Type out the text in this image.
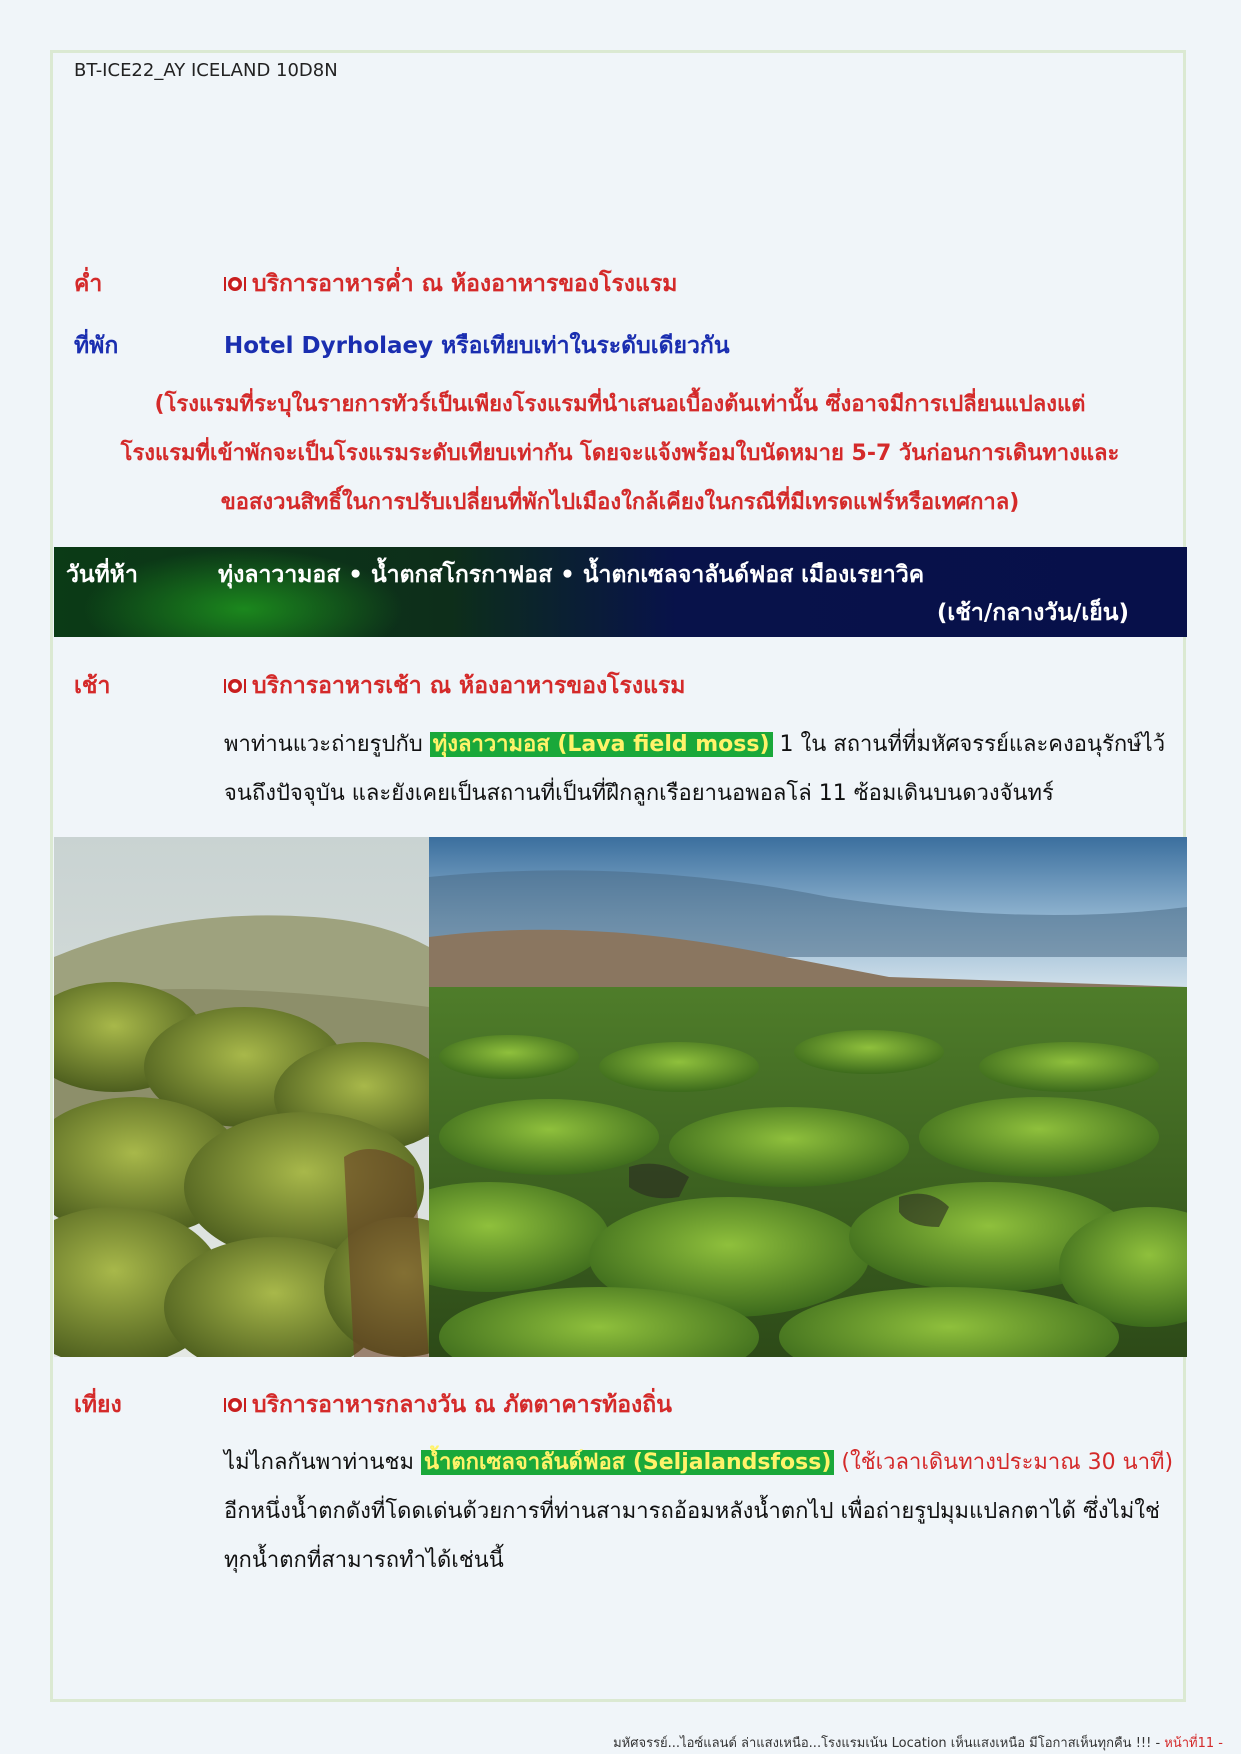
BT-ICE22_AY ICELAND 10D8N
ค่ำ	บริการอาหารค่ำ ณ ห้องอาหารของโรงแรม
ที่พัก	Hotel Dyrholaey หรือเทียบเท่าในระดับเดียวกัน
(โรงแรมที่ระบุในรายการทัวร์เป็นเพียงโรงแรมที่นำเสนอเบื้องต้นเท่านั้น ซึ่งอาจมีการเปลี่ยนแปลงแต่
โรงแรมที่เข้าพักจะเป็นโรงแรมระดับเทียบเท่ากัน โดยจะแจ้งพร้อมใบนัดหมาย 5-7 วันก่อนการเดินทางและ
ขอสงวนสิทธิ์ในการปรับเปลี่ยนที่พักไปเมืองใกล้เคียงในกรณีที่มีเทรดแฟร์หรือเทศกาล)
วันที่ห้า	ทุ่งลาวามอส • น้ำตกสโกรกาฟอส • น้ำตกเซลจาลันด์ฟอส เมืองเรยาวิค
(เช้า/กลางวัน/เย็น)
เช้า	บริการอาหารเช้า ณ ห้องอาหารของโรงแรม
พาท่านแวะถ่ายรูปกับ ทุ่งลาวามอส (Lava field moss) 1 ใน สถานที่ที่มหัศจรรย์และคงอนุรักษ์ไว้จนถึงปัจจุบัน และยังเคยเป็นสถานที่เป็นที่ฝึกลูกเรือยานอพอลโล่ 11 ซ้อมเดินบนดวงจันทร์
เที่ยง	บริการอาหารกลางวัน ณ ภัตตาคารท้องถิ่น
ไม่ไกลกันพาท่านชม น้ำตกเซลจาลันด์ฟอส (Seljalandsfoss) (ใช้เวลาเดินทางประมาณ 30 นาที) อีกหนึ่งน้ำตกดังที่โดดเด่นด้วยการที่ท่านสามารถอ้อมหลังน้ำตกไป เพื่อถ่ายรูปมุมแปลกตาได้ ซึ่งไม่ใช่ทุกน้ำตกที่สามารถทำได้เช่นนี้
มหัศจรรย์...ไอซ์แลนด์ ล่าแสงเหนือ...โรงแรมเน้น Location เห็นแสงเหนือ มีโอกาสเห็นทุกคืน !!! - หน้าที่11 -
